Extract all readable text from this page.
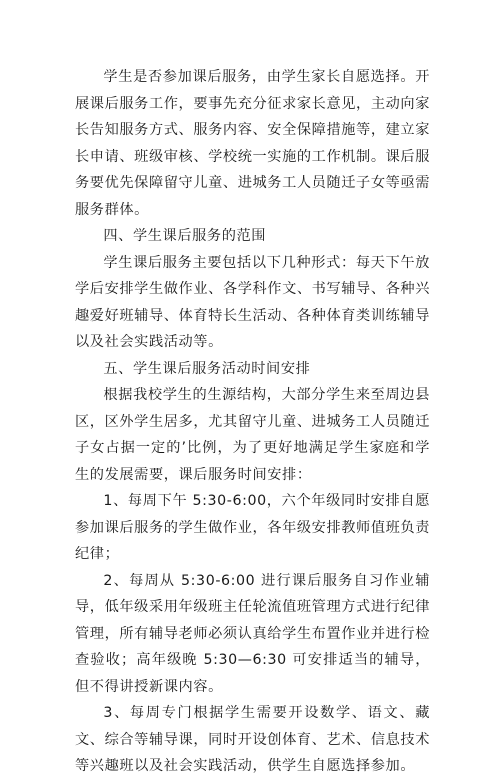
学生是否参加课后服务，由学生家长自愿选择。开展课后服务工作，要事先充分征求家长意见，主动向家长告知服务方式、服务内容、安全保障措施等，建立家长申请、班级审核、学校统一实施的工作机制。课后服务要优先保障留守儿童、进城务工人员随迁子女等亟需服务群体。

四、学生课后服务的范围

学生课后服务主要包括以下几种形式：每天下午放学后安排学生做作业、各学科作文、书写辅导、各种兴趣爱好班辅导、体育特长生活动、各种体育类训练辅导以及社会实践活动等。

五、学生课后服务活动时间安排

根据我校学生的生源结构，大部分学生来至周边县区，区外学生居多，尤其留守儿童、进城务工人员随迁子女占据一定的’比例，为了更好地满足学生家庭和学生的发展需要，课后服务时间安排：

1、每周下午 5:30-6:00，六个年级同时安排自愿参加课后服务的学生做作业，各年级安排教师值班负责纪律；

2、每周从 5:30-6:00 进行课后服务自习作业辅导，低年级采用年级班主任轮流值班管理方式进行纪律管理，所有辅导老师必须认真给学生布置作业并进行检查验收；高年级晚 5:30—6:30 可安排适当的辅导，但不得讲授新课内容。

3、每周专门根据学生需要开设数学、语文、藏文、综合等辅导课，同时开设创体育、艺术、信息技术等兴趣班以及社会实践活动，供学生自愿选择参加。
